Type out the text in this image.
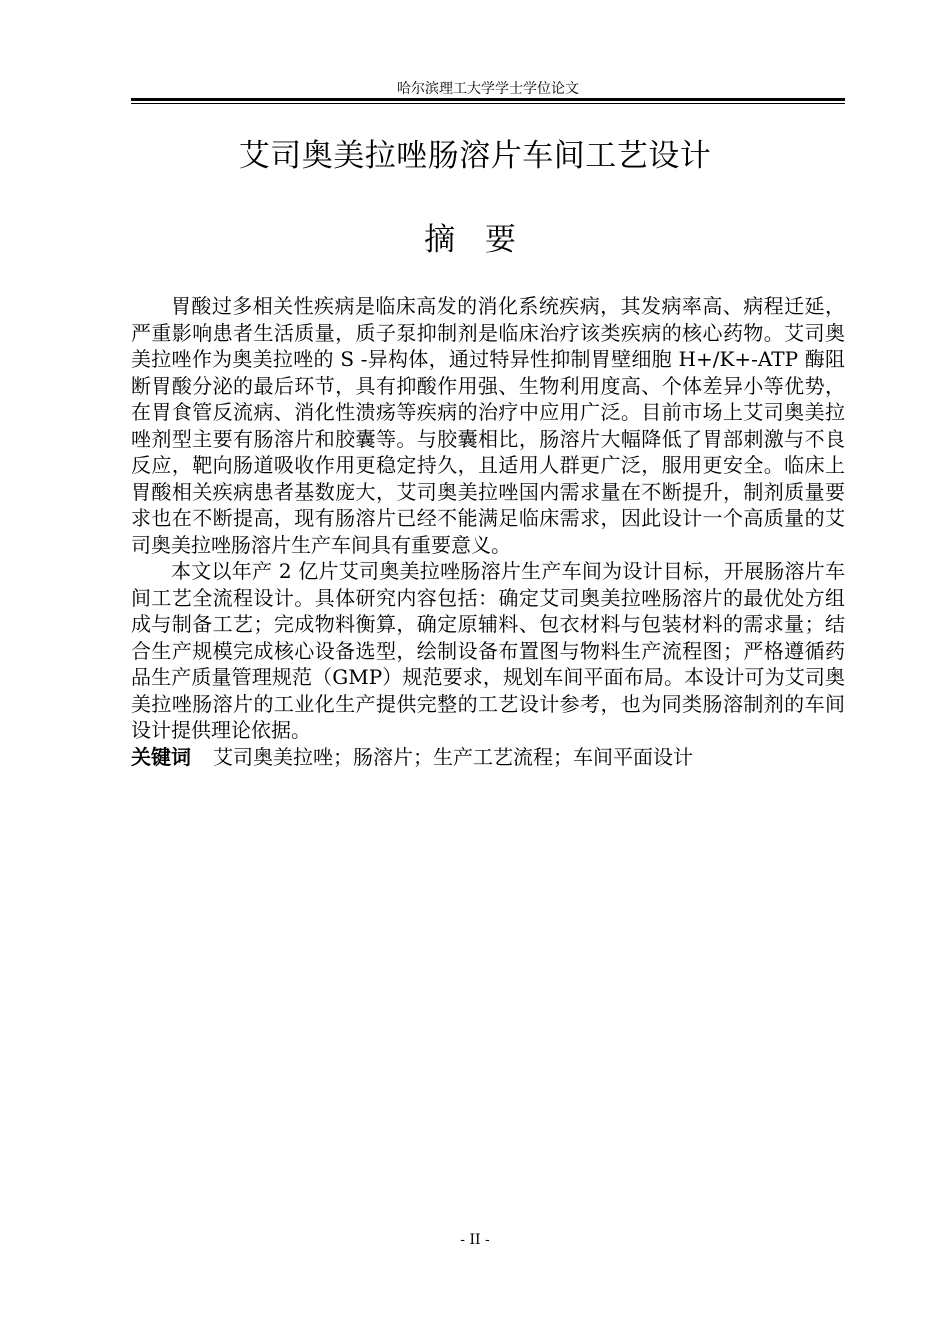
哈尔滨理工大学学士学位论文
艾司奥美拉唑肠溶片车间工艺设计
摘 要

胃酸过多相关性疾病是临床高发的消化系统疾病，其发病率高、病程迁延，严重影响患者生活质量，质子泵抑制剂是临床治疗该类疾病的核心药物。艾司奥美拉唑作为奥美拉唑的 S -异构体，通过特异性抑制胃壁细胞 H+/K+-ATP 酶阻断胃酸分泌的最后环节，具有抑酸作用强、生物利用度高、个体差异小等优势，在胃食管反流病、消化性溃疡等疾病的治疗中应用广泛。目前市场上艾司奥美拉唑剂型主要有肠溶片和胶囊等。与胶囊相比，肠溶片大幅降低了胃部刺激与不良反应，靶向肠道吸收作用更稳定持久，且适用人群更广泛，服用更安全。临床上胃酸相关疾病患者基数庞大，艾司奥美拉唑国内需求量在不断提升，制剂质量要求也在不断提高，现有肠溶片已经不能满足临床需求，因此设计一个高质量的艾司奥美拉唑肠溶片生产车间具有重要意义。

本文以年产 2 亿片艾司奥美拉唑肠溶片生产车间为设计目标，开展肠溶片车间工艺全流程设计。具体研究内容包括：确定艾司奥美拉唑肠溶片的最优处方组成与制备工艺；完成物料衡算，确定原辅料、包衣材料与包装材料的需求量；结合生产规模完成核心设备选型，绘制设备布置图与物料生产流程图；严格遵循药品生产质量管理规范（GMP）规范要求，规划车间平面布局。本设计可为艾司奥美拉唑肠溶片的工业化生产提供完整的工艺设计参考，也为同类肠溶制剂的车间设计提供理论依据。

关键词 艾司奥美拉唑；肠溶片；生产工艺流程；车间平面设计
- II -
